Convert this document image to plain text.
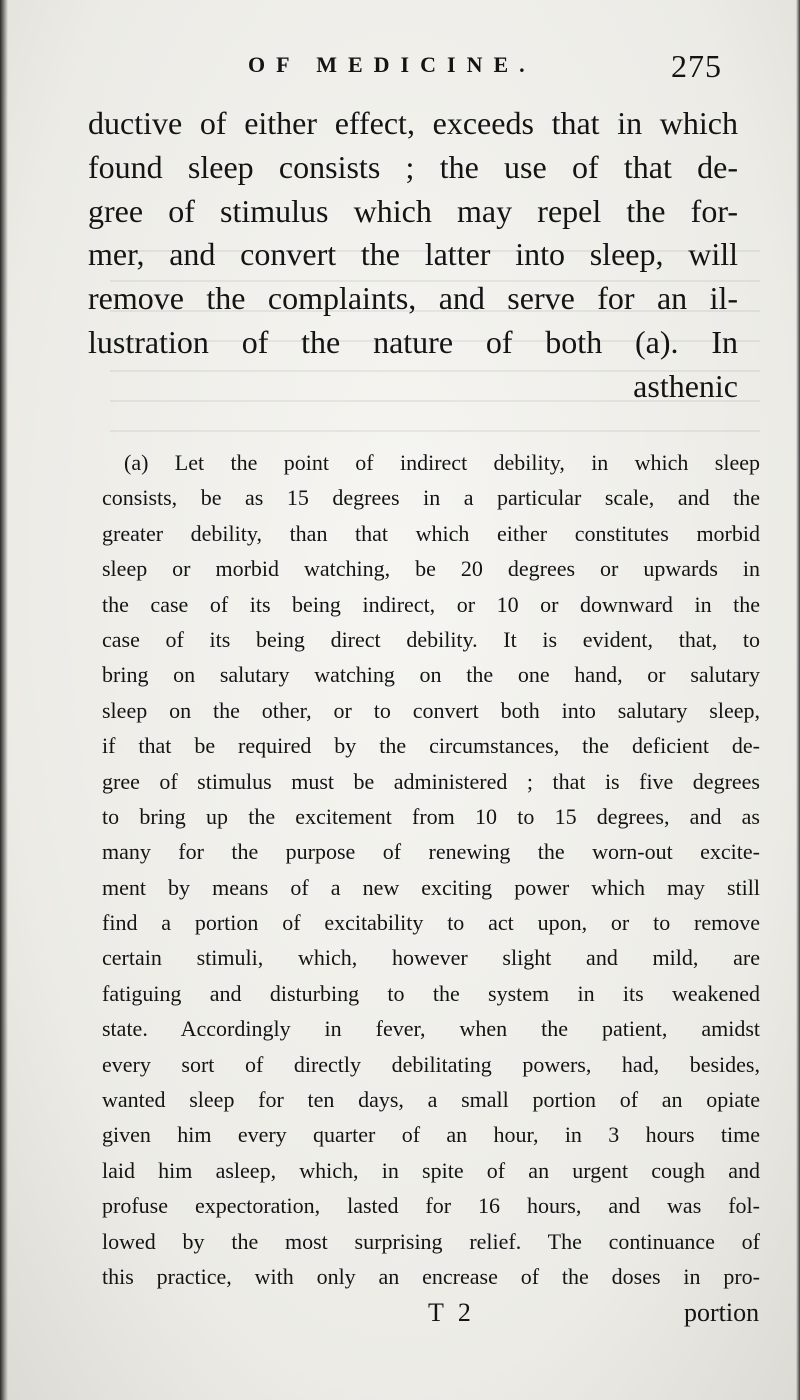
OF MEDICINE.	275
ductive of either effect, exceeds that in which
found sleep consists ; the use of that de-
gree of stimulus which may repel the for-
mer, and convert the latter into sleep, will
remove the complaints, and serve for an il-
lustration of the nature of both (a). In
asthenic
(a) Let the point of indirect debility, in which sleep
consists, be as 15 degrees in a particular scale, and the
greater debility, than that which either constitutes morbid
sleep or morbid watching, be 20 degrees or upwards in
the case of its being indirect, or 10 or downward in the
case of its being direct debility. It is evident, that, to
bring on salutary watching on the one hand, or salutary
sleep on the other, or to convert both into salutary sleep,
if that be required by the circumstances, the deficient de-
gree of stimulus must be administered ; that is five degrees
to bring up the excitement from 10 to 15 degrees, and as
many for the purpose of renewing the worn-out excite-
ment by means of a new exciting power which may still
find a portion of excitability to act upon, or to remove
certain stimuli, which, however slight and mild, are
fatiguing and disturbing to the system in its weakened
state. Accordingly in fever, when the patient, amidst
every sort of directly debilitating powers, had, besides,
wanted sleep for ten days, a small portion of an opiate
given him every quarter of an hour, in 3 hours time
laid him asleep, which, in spite of an urgent cough and
profuse expectoration, lasted for 16 hours, and was fol-
lowed by the most surprising relief. The continuance of
this practice, with only an encrease of the doses in pro-
T 2	portion
